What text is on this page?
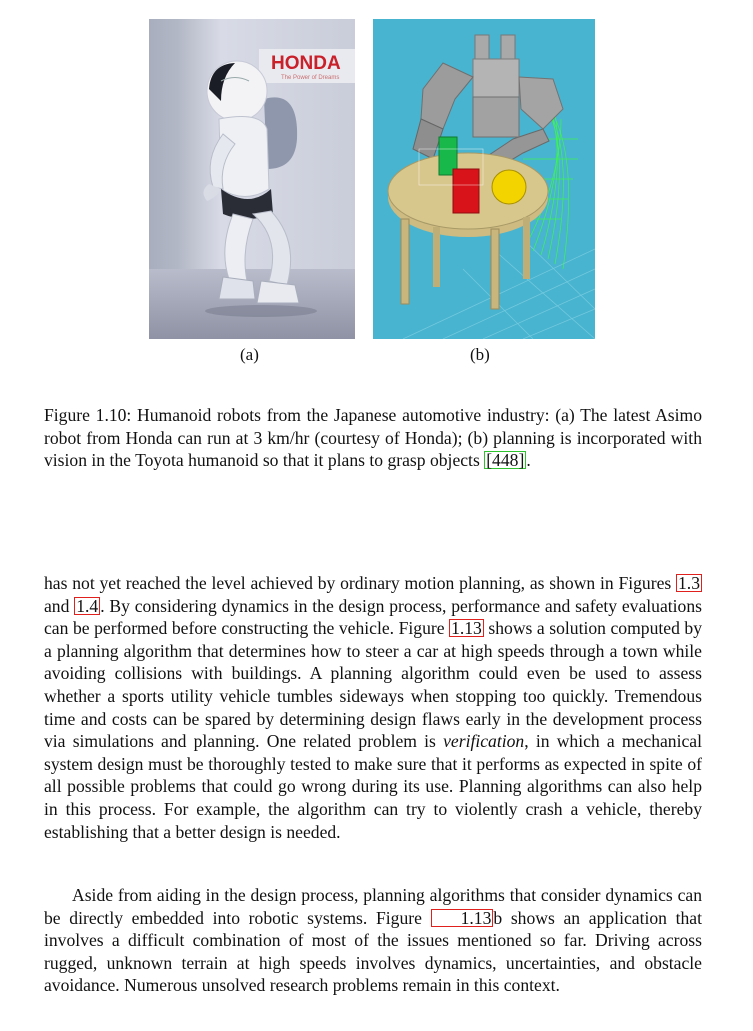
HONDA
The Power of Dreams
(a)	(b)
Figure 1.10: Humanoid robots from the Japanese automotive industry: (a) The latest Asimo robot from Honda can run at 3 km/hr (courtesy of Honda); (b) planning is incorporated with vision in the Toyota humanoid so that it plans to grasp objects [448] .
has not yet reached the level achieved by ordinary motion planning, as shown in Figures 1.3 and 1.4 . By considering dynamics in the design process, performance and safety evaluations can be performed before constructing the vehicle. Figure 1.13 shows a solution computed by a planning algorithm that determines how to steer a car at high speeds through a town while avoiding collisions with buildings. A planning algorithm could even be used to assess whether a sports utility vehicle tumbles sideways when stopping too quickly. Tremendous time and costs can be spared by determining design flaws early in the development process via simulations and planning. One related problem is verification, in which a mechanical system design must be thoroughly tested to make sure that it performs as expected in spite of all possible problems that could go wrong during its use. Planning algorithms can also help in this process. For example, the algorithm can try to violently crash a vehicle, thereby establishing that a better design is needed.
Aside from aiding in the design process, planning algorithms that consider dynamics can be directly embedded into robotic systems. Figure 1.13 b shows an application that involves a difficult combination of most of the issues mentioned so far. Driving across rugged, unknown terrain at high speeds involves dynamics, uncertainties, and obstacle avoidance. Numerous unsolved research problems remain in this context.
